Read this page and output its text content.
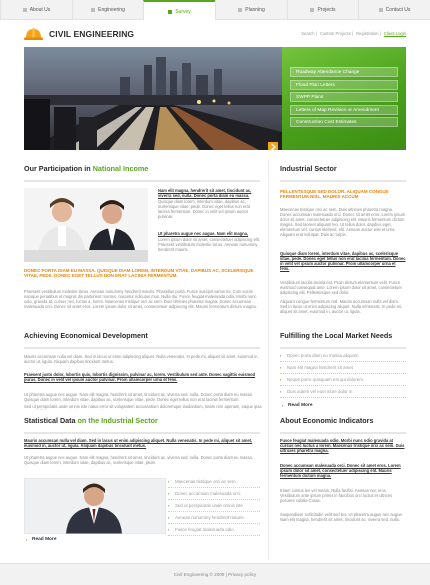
About Us	Engineering	Survey	Planning	Projects	Contact Us
CIVIL ENGINEERING	Search | Custom Projects | Registration | Client Login
Roadway Attendance Change
Flood Plan Letters
SWPP Plans
Letters of Map Revision or Amendment
Construction Cost Estimates
Our Participation in National Income

Nam elit magna, hendrerit sit amet, tincidunt ac, viverra sed, nulla. Donec porta diam eu massa.

Quisque diam lorem, interdum vitae, dapibus ac, scelerisque vitae, pede. Donec eget tellus non erat lacinia fermentum. Donec in velit vel ipsum auctor pulvinar.

Ut pharetra augue nec augue. Nam elit magna,

Lorem ipsum dolor sit amet, consectetuer adipiscing elit. Praesent vestibulum molestie lacus. Aenean nonummy hendrerit mauris.

DONEC PORTA DIAM EU MASSA. QUISQUE DIAM LOREM, INTERDUM VITAE, DAPIBUS AC, SCELERISQUE VITAE, PEDE. DONEC EGET TELLUS NON ERAT LACINIA FERMENTUM.

Praesent vestibulum molestie lacus. Aenean nonummy hendrerit mauris. Phasellus porta. Fusce suscipit varius mi. Cum sociis natoque penatibus et magnis dis parturient montes, nascetur ridiculus mus. Nulla dui. Fusce feugiat malesuada odio. Morbi nunc odio, gravida at, cursus nec, luctus a, lorem. Maecenas tristique orci ac sem. Duis ultricies pharetra magna. Donec accumsan malesuada orci. Donec sit amet eros. Lorem ipsum dolor sit amet, consectetuer adipiscing elit. Mauris fermentum dictum magna.

Achieving Economical Development

Mauris accumsan nulla vel diam. Sed in lacus ut enim adipiscing aliquet. Nulla venenatis. In pede mi, aliquet sit amet, euismod in, auctor ut, ligula. Aliquam dapibus tincidunt metus.

Praesent justo dolor, lobortis quis, lobortis dignissim, pulvinar ac, lorem. Vestibulum sed ante. Donec sagittis euismod purus. Donec in velit vel ipsum auctor pulvinar. Proin ullamcorper urna et felis.

Ut pharetra augue nec augue. Nam elit magna, hendrerit sit amet, tincidunt ac, viverra sed, nulla. Donec porta diam eu massa. Quisque diam lorem, interdum vitae, dapibus ac, scelerisque vitae, pede. Donec eget tellus non erat lacinia fermentum.

Sed ut perspiciatis unde omnis iste natus error sit voluptatem accusantium doloremque laudantium, totam rem aperiam, eaque ipsa

Statistical Data on the Industrial Sector

Mauris accumsan nulla vel diam. Sed in lacus ut enim adipiscing aliquet. Nulla venenatis. In pede mi, aliquet sit amet, euismod in, auctor ut, ligula. Aliquam dapibus tincidunt metus.

Ut pharetra augue nec augue. Nam elit magna, hendrerit sit amet, tincidunt ac, viverra sed, nulla. Donec porta diam eu massa. Quisque diam lorem, interdum vitae, dapibus ac, scelerisque vitae, pede.

▪ Maecenas tristique orci ac sem.
▪ Donec accumsan malesuada orci.
▪ Sed ut perspiciatis unde omnis iste
▪ Aenean nonummy hendrerit mauris.
▪ Fusce feugiat malesuada odio.
▪ Read More
Industrial Sector

PELLENTESQUE SED DOLOR. ALIQUAM CONGUE FERMENTUM NISL. MAURIS ACCUM

Maecenas tristique orci ac sem. Duis ultricies pharetra magna. Donec accumsan malesuada orci. Donec sit amet eros. Lorem ipsum dolor sit amet, consectetuer adipiscing elit. Mauris fermentum dictum magna. Sed laoreet aliquam leo. Ut tellus dolor, dapibus eget, elementum vel, cursus eleifend, elit. Aenean auctor wisi et urna. Aliquam erat volutpat. Duis ac turpis.

Quisque diam lorem, interdum vitae, dapibus ac, scelerisque vitae, pede. Donec eget tellus non erat lacinia fermentum. Donec in velit vel ipsum auctor pulvinar. Proin ullamcorper urna et felis.

Vestibulum iaculis lacinia est. Proin dictum elementum velit. Fusce euismod consequat ante. Lorem ipsum dolor sit amet, consectetuer adipiscing elit. Pellentesque sed dolor.

Aliquam congue fermentum nisl. Mauris accumsan nulla vel diam. Sed in lacus ut enim adipiscing aliquet. Nulla venenatis. In pede mi, aliquet sit amet, euismod in, auctor ut, ligula.

Fulfilling the Local Market Needs
▪ Donec porta diam eu massa aliquam
▪ Nam elit magna hendrerit sit amet
▪ Neque porro quisquam est qui dolorem
▪ Duis autem vel eum iriure dolor in
▪ Read More
About Economic Indicators

Fusce feugiat malesuada odio. Morbi nunc odio gravida at cursus nec luctus a lorem. Maecenas tristique orci ac sem. Duis ultricies pharetra magna.

Donec accumsan malesuada orci. Donec sit amet eros. Lorem ipsum dolor sit amet, consectetuer adipiscing elit. Mauris fermentum dictum magna.

Etiam cursus leo vel metus. Nulla facilisi. Aenean nec eros. Vestibulum ante ipsum primis in faucibus orci luctus et ultrices posuere cubilia Curae.

Suspendisse sollicitudin velit sed leo. Ut pharetra augue nec augue. Nam elit magna, hendrerit sit amet, tincidunt ac, viverra sed, nulla.

Civil Engineering © 2009 | Privacy policy
